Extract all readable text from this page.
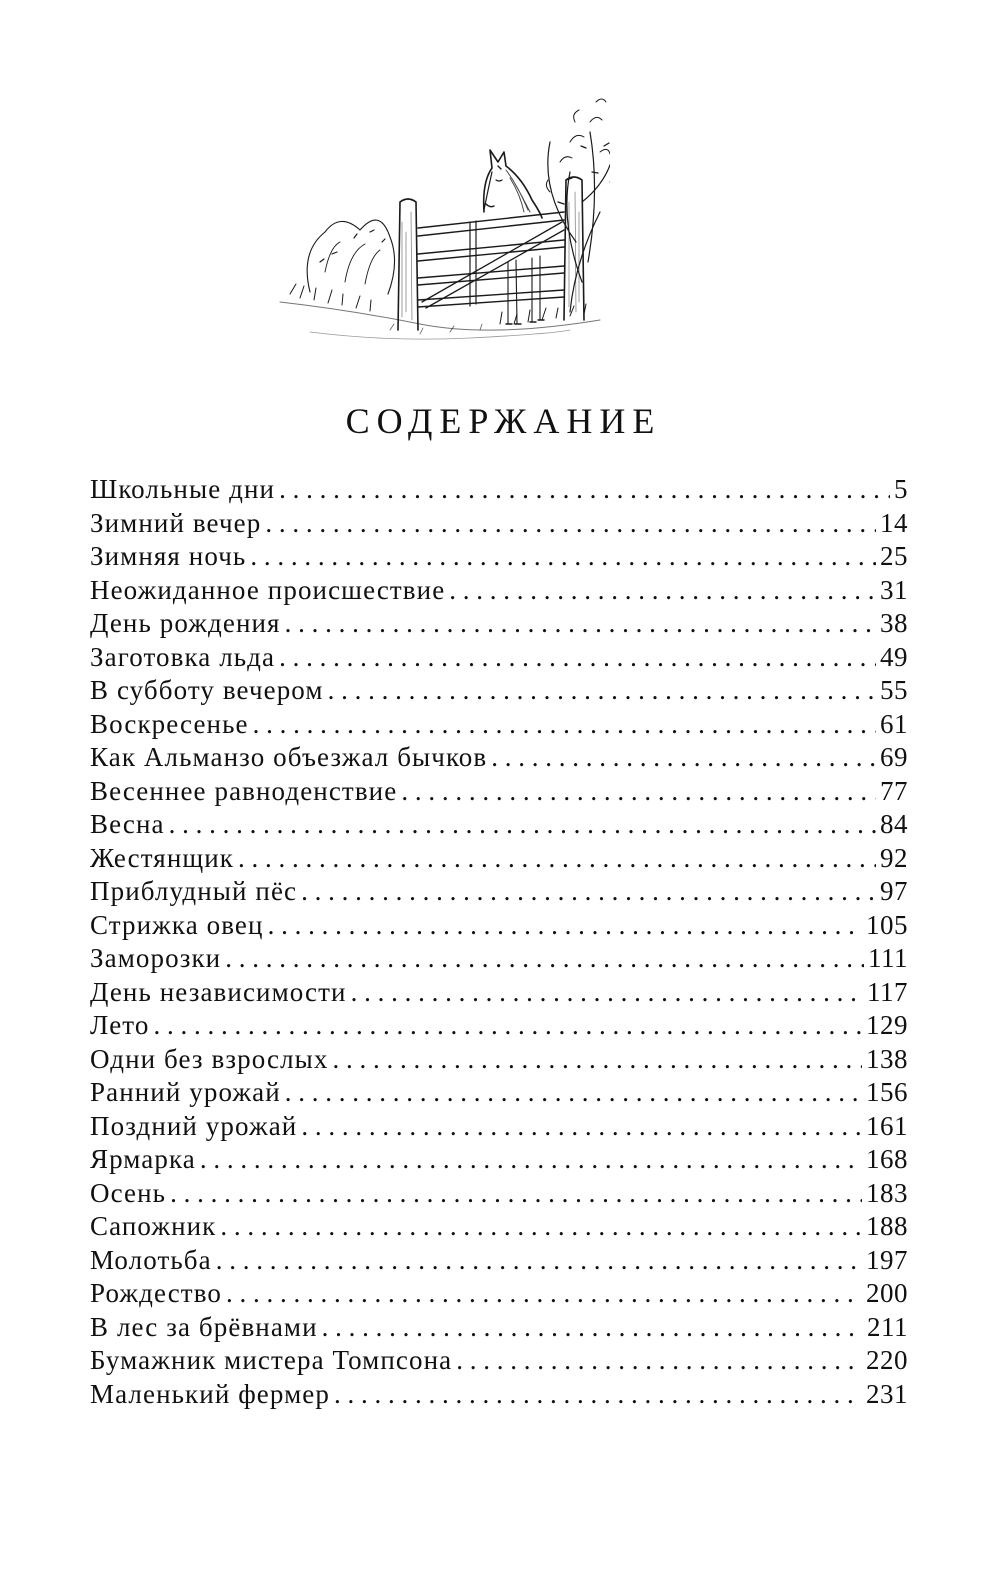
СОДЕРЖАНИЕ
Школьные дни . . .	5
Зимний вечер . . .	14
Зимняя ночь . . .	25
Неожиданное происшествие . . .	31
День рождения . . .	38
Заготовка льда . . .	49
В субботу вечером . . .	55
Воскресенье . . .	61
Как Альманзо объезжал бычков . . .	69
Весеннее равноденствие . . .	77
Весна . . .	84
Жестянщик . . .	92
Приблудный пёс . . .	97
Стрижка овец . . .	105
Заморозки . . .	111
День независимости . . .	117
Лето . . .	129
Одни без взрослых . . .	138
Ранний урожай . . .	156
Поздний урожай . . .	161
Ярмарка . . .	168
Осень . . .	183
Сапожник . . .	188
Молотьба . . .	197
Рождество . . .	200
В лес за брёвнами . . .	211
Бумажник мистера Томпсона . . .	220
Маленький фермер . . .	231
